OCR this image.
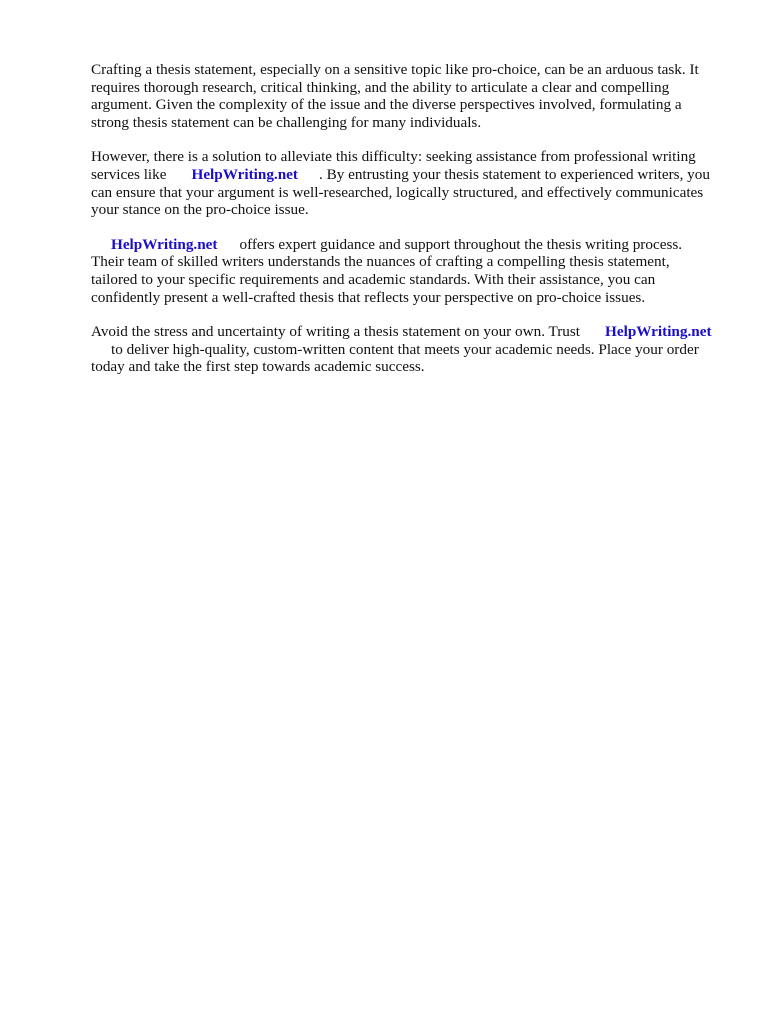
Crafting a thesis statement, especially on a sensitive topic like pro-choice, can be an arduous task. It
requires thorough research, critical thinking, and the ability to articulate a clear and compelling
argument. Given the complexity of the issue and the diverse perspectives involved, formulating a
strong thesis statement can be challenging for many individuals.

However, there is a solution to alleviate this difficulty: seeking assistance from professional writing
services like HelpWriting.net . By entrusting your thesis statement to experienced writers, you
can ensure that your argument is well-researched, logically structured, and effectively communicates
your stance on the pro-choice issue.

HelpWriting.net offers expert guidance and support throughout the thesis writing process.
Their team of skilled writers understands the nuances of crafting a compelling thesis statement,
tailored to your specific requirements and academic standards. With their assistance, you can
confidently present a well-crafted thesis that reflects your perspective on pro-choice issues.

Avoid the stress and uncertainty of writing a thesis statement on your own. Trust HelpWriting.net
to deliver high-quality, custom-written content that meets your academic needs. Place your order
today and take the first step towards academic success.
